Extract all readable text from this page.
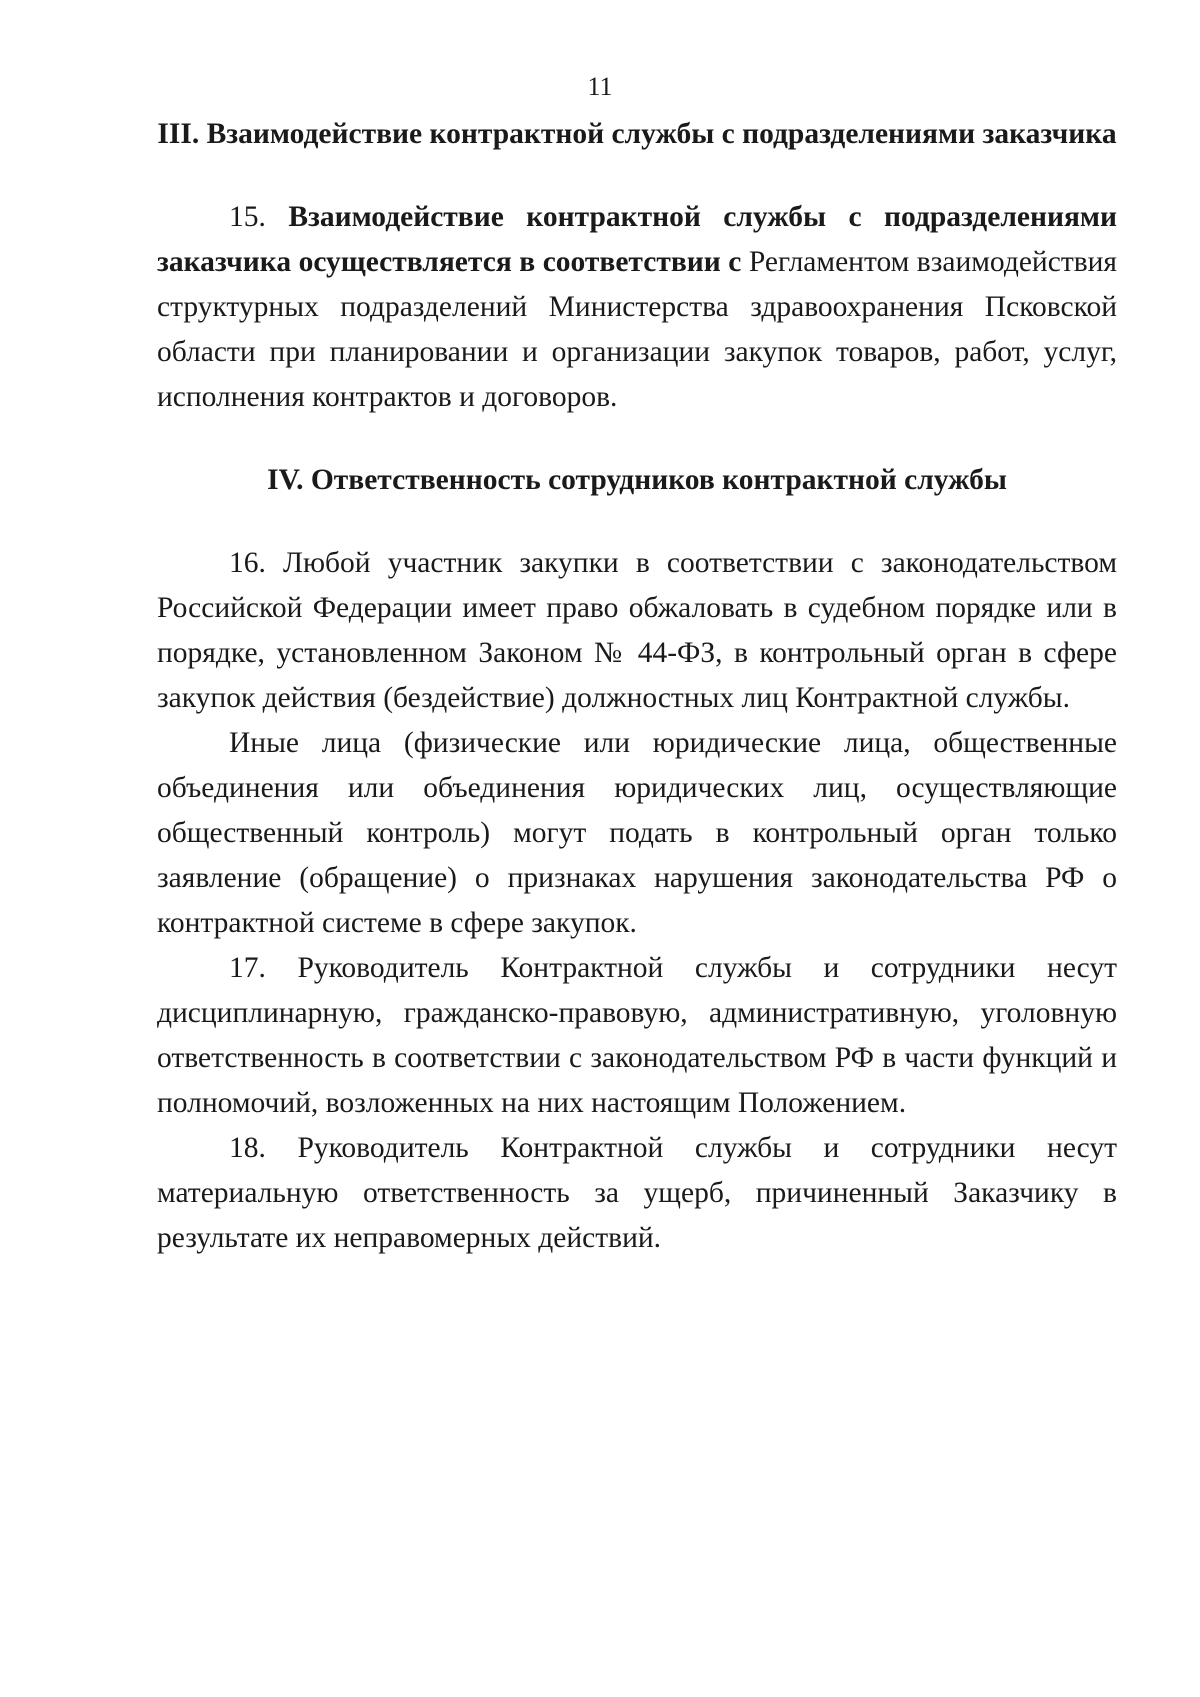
11

III. Взаимодействие контрактной службы с подразделениями заказчика

15. Взаимодействие контрактной службы с подразделениями заказчика осуществляется в соответствии с Регламентом взаимодействия структурных подразделений Министерства здравоохранения Псковской области при планировании и организации закупок товаров, работ, услуг, исполнения контрактов и договоров.

IV. Ответственность сотрудников контрактной службы

16. Любой участник закупки в соответствии с законодательством Российской Федерации имеет право обжаловать в судебном порядке или в порядке, установленном Законом № 44-ФЗ, в контрольный орган в сфере закупок действия (бездействие) должностных лиц Контрактной службы.

Иные лица (физические или юридические лица, общественные объединения или объединения юридических лиц, осуществляющие общественный контроль) могут подать в контрольный орган только заявление (обращение) о признаках нарушения законодательства РФ о контрактной системе в сфере закупок.

17. Руководитель Контрактной службы и сотрудники несут дисциплинарную, гражданско-правовую, административную, уголовную ответственность в соответствии с законодательством РФ в части функций и полномочий, возложенных на них настоящим Положением.

18. Руководитель Контрактной службы и сотрудники несут материальную ответственность за ущерб, причиненный Заказчику в результате их неправомерных действий.
